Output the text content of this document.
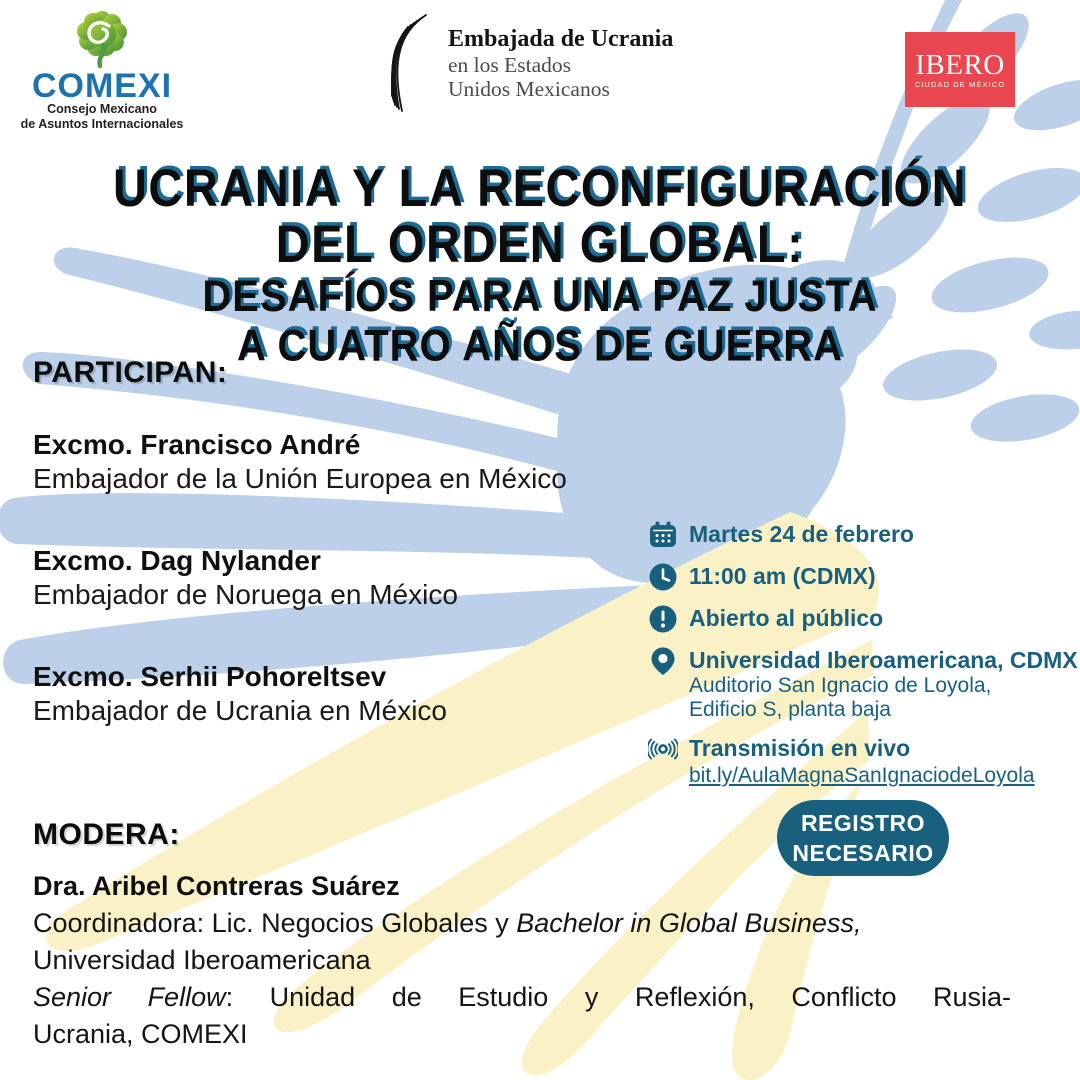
COMEXI
Consejo Mexicano
de Asuntos Internacionales
Embajada de Ucrania
en los Estados
Unidos Mexicanos
IBERO
CIUDAD DE MÉXICO
UCRANIA Y LA RECONFIGURACIÓN
DEL ORDEN GLOBAL:
DESAFÍOS PARA UNA PAZ JUSTA
A CUATRO AÑOS DE GUERRA
PARTICIPAN:
Excmo. Francisco André
Embajador de la Unión Europea en México
Excmo. Dag Nylander
Embajador de Noruega en México
Excmo. Serhii Pohoreltsev
Embajador de Ucrania en México
Martes 24 de febrero
11:00 am (CDMX)
Abierto al público
Universidad Iberoamericana, CDMX
Auditorio San Ignacio de Loyola,
Edificio S, planta baja
Transmisión en vivo
bit.ly/AulaMagnaSanIgnaciodeLoyola
REGISTRO
NECESARIO
MODERA:
Dra. Aribel Contreras Suárez
Coordinadora: Lic. Negocios Globales y Bachelor in Global Business,
Universidad Iberoamericana
Senior Fellow: Unidad de Estudio y Reflexión, Conflicto Rusia-
Ucrania, COMEXI
